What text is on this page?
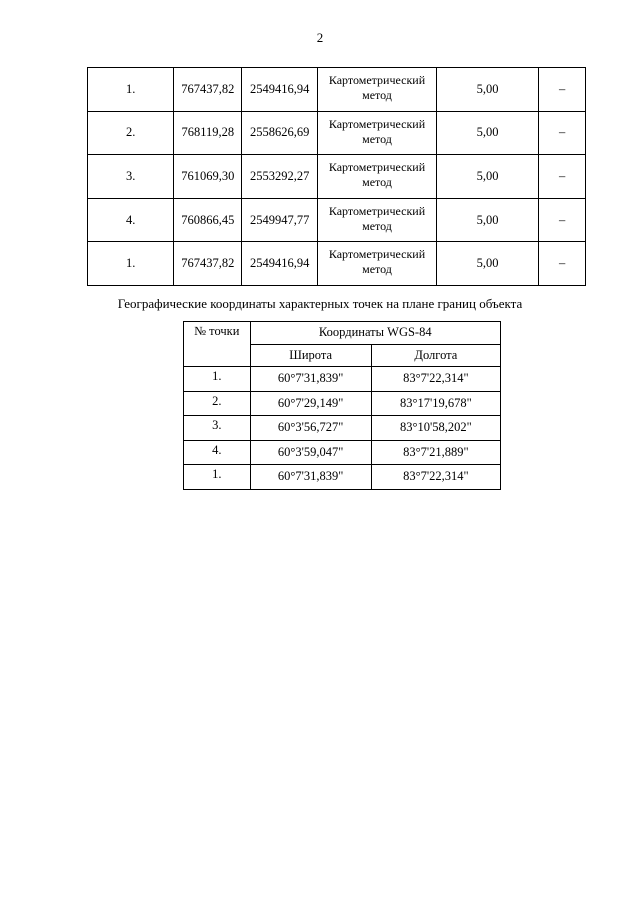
2
1.	767437,82	2549416,94	Картометрический метод	5,00	–
2.	768119,28	2558626,69	Картометрический метод	5,00	–
3.	761069,30	2553292,27	Картометрический метод	5,00	–
4.	760866,45	2549947,77	Картометрический метод	5,00	–
1.	767437,82	2549416,94	Картометрический метод	5,00	–
Географические координаты характерных точек на плане границ объекта
№ точки	Координаты WGS-84	
	Широта	Долгота
1.	60°7'31,839"	83°7'22,314"
2.	60°7'29,149"	83°17'19,678"
3.	60°3'56,727"	83°10'58,202"
4.	60°3'59,047"	83°7'21,889"
1.	60°7'31,839"	83°7'22,314"
